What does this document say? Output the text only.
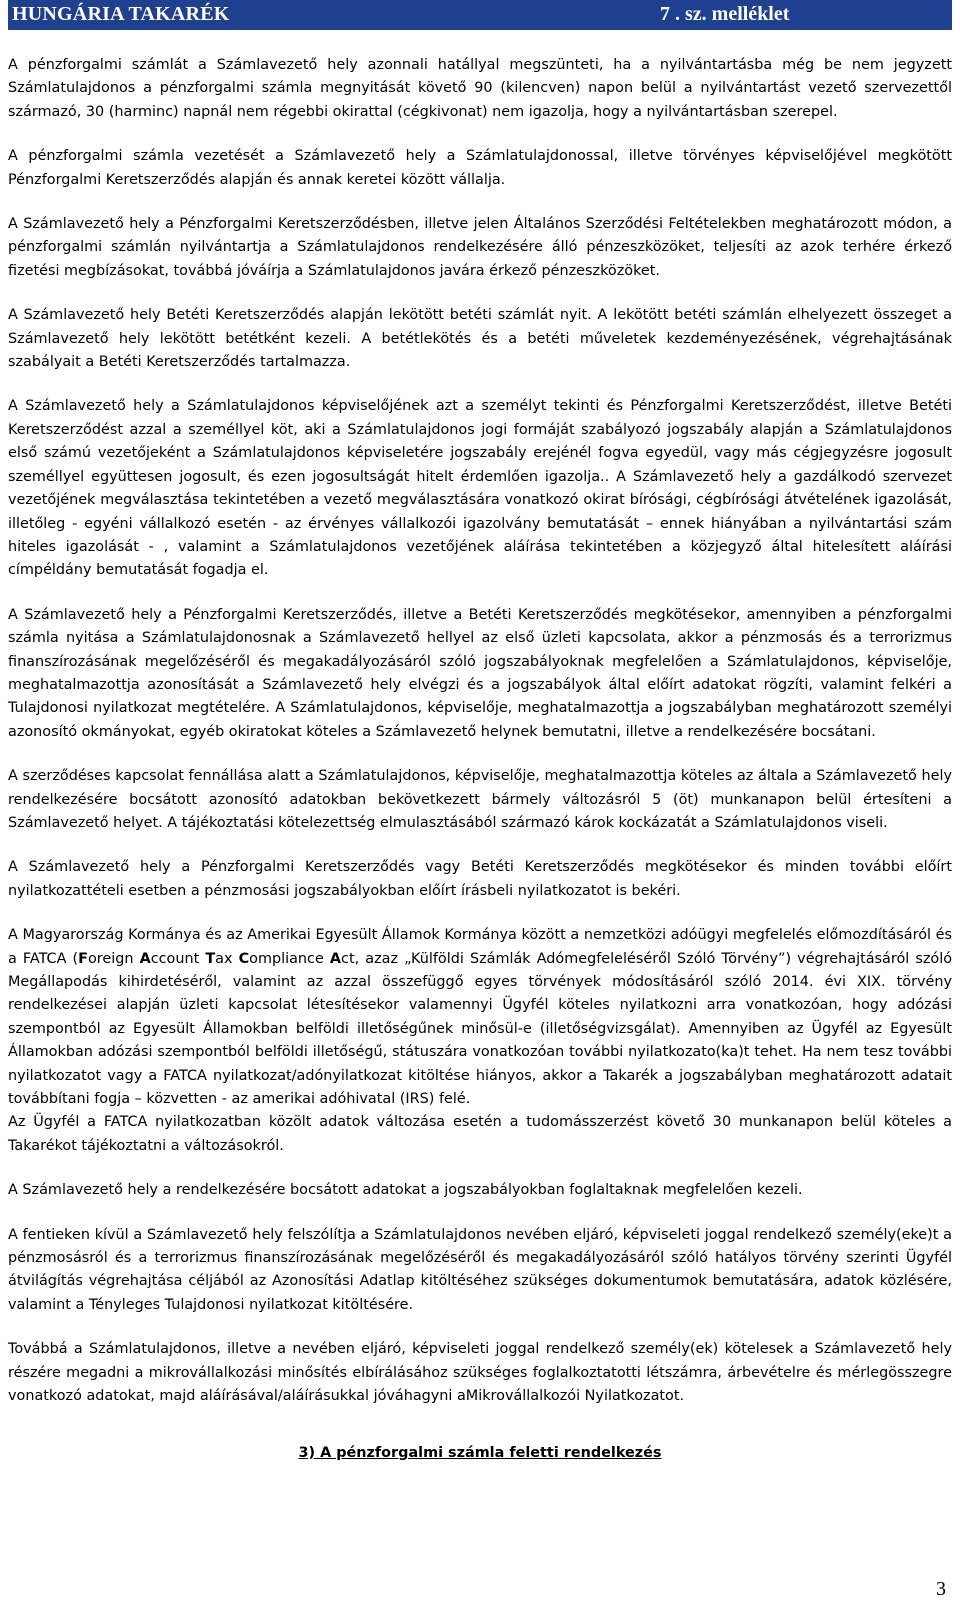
HUNGÁRIA TAKARÉK	7 . sz. melléklet

A pénzforgalmi számlát a Számlavezető hely azonnali hatállyal megszünteti, ha a nyilvántartásba még be nem jegyzett Számlatulajdonos a pénzforgalmi számla megnyitását követő 90 (kilencven) napon belül a nyilvántartást vezető szervezettől származó, 30 (harminc) napnál nem régebbi okirattal (cégkivonat) nem igazolja, hogy a nyilvántartásban szerepel.

A pénzforgalmi számla vezetését a Számlavezető hely a Számlatulajdonossal, illetve törvényes képviselőjével megkötött Pénzforgalmi Keretszerződés alapján és annak keretei között vállalja.

A Számlavezető hely a Pénzforgalmi Keretszerződésben, illetve jelen Általános Szerződési Feltételekben meghatározott módon, a pénzforgalmi számlán nyilvántartja a Számlatulajdonos rendelkezésére álló pénzeszközöket, teljesíti az azok terhére érkező fizetési megbízásokat, továbbá jóváírja a Számlatulajdonos javára érkező pénzeszközöket.

A Számlavezető hely Betéti Keretszerződés alapján lekötött betéti számlát nyit. A lekötött betéti számlán elhelyezett összeget a Számlavezető hely lekötött betétként kezeli. A betétlekötés és a betéti műveletek kezdeményezésének, végrehajtásának szabályait a Betéti Keretszerződés tartalmazza.

A Számlavezető hely a Számlatulajdonos képviselőjének azt a személyt tekinti és Pénzforgalmi Keretszerződést, illetve Betéti Keretszerződést azzal a személlyel köt, aki a Számlatulajdonos jogi formáját szabályozó jogszabály alapján a Számlatulajdonos első számú vezetőjeként a Számlatulajdonos képviseletére jogszabály erejénél fogva egyedül, vagy más cégjegyzésre jogosult személlyel együttesen jogosult, és ezen jogosultságát hitelt érdemlően igazolja.. A Számlavezető hely a gazdálkodó szervezet vezetőjének megválasztása tekintetében a vezető megválasztására vonatkozó okirat bírósági, cégbírósági átvételének igazolását, illetőleg - egyéni vállalkozó esetén - az érvényes vállalkozói igazolvány bemutatását – ennek hiányában a nyilvántartási szám hiteles igazolását - , valamint a Számlatulajdonos vezetőjének aláírása tekintetében a közjegyző által hitelesített aláírási címpéldány bemutatását fogadja el.

A Számlavezető hely a Pénzforgalmi Keretszerződés, illetve a Betéti Keretszerződés megkötésekor, amennyiben a pénzforgalmi számla nyitása a Számlatulajdonosnak a Számlavezető hellyel az első üzleti kapcsolata, akkor a pénzmosás és a terrorizmus finanszírozásának megelőzéséről és megakadályozásáról szóló jogszabályoknak megfelelően a Számlatulajdonos, képviselője, meghatalmazottja azonosítását a Számlavezető hely elvégzi és a jogszabályok által előírt adatokat rögzíti, valamint felkéri a Tulajdonosi nyilatkozat megtételére. A Számlatulajdonos, képviselője, meghatalmazottja a jogszabályban meghatározott személyi azonosító okmányokat, egyéb okiratokat köteles a Számlavezető helynek bemutatni, illetve a rendelkezésére bocsátani.

A szerződéses kapcsolat fennállása alatt a Számlatulajdonos, képviselője, meghatalmazottja köteles az általa a Számlavezető hely rendelkezésére bocsátott azonosító adatokban bekövetkezett bármely változásról 5 (öt) munkanapon belül értesíteni a Számlavezető helyet. A tájékoztatási kötelezettség elmulasztásából származó károk kockázatát a Számlatulajdonos viseli.

A Számlavezető hely a Pénzforgalmi Keretszerződés vagy Betéti Keretszerződés megkötésekor és minden további előírt nyilatkozattételi esetben a pénzmosási jogszabályokban előírt írásbeli nyilatkozatot is bekéri.

A Magyarország Kormánya és az Amerikai Egyesült Államok Kormánya között a nemzetközi adóügyi megfelelés előmozdításáról és a FATCA (Foreign Account Tax Compliance Act, azaz „Külföldi Számlák Adómegfeleléséről Szóló Törvény”) végrehajtásáról szóló Megállapodás kihirdetéséről, valamint az azzal összefüggő egyes törvények módosításáról szóló 2014. évi XIX. törvény rendelkezései alapján üzleti kapcsolat létesítésekor valamennyi Ügyfél köteles nyilatkozni arra vonatkozóan, hogy adózási szempontból az Egyesült Államokban belföldi illetőségűnek minősül-e (illetőségvizsgálat). Amennyiben az Ügyfél az Egyesült Államokban adózási szempontból belföldi illetőségű, státuszára vonatkozóan további nyilatkozato(ka)t tehet. Ha nem tesz további nyilatkozatot vagy a FATCA nyilatkozat/adónyilatkozat kitöltése hiányos, akkor a Takarék a jogszabályban meghatározott adatait továbbítani fogja – közvetten - az amerikai adóhivatal (IRS) felé.

Az Ügyfél a FATCA nyilatkozatban közölt adatok változása esetén a tudomásszerzést követő 30 munkanapon belül köteles a Takarékot tájékoztatni a változásokról.

A Számlavezető hely a rendelkezésére bocsátott adatokat a jogszabályokban foglaltaknak megfelelően kezeli.

A fentieken kívül a Számlavezető hely felszólítja a Számlatulajdonos nevében eljáró, képviseleti joggal rendelkező személy(eke)t a pénzmosásról és a terrorizmus finanszírozásának megelőzéséről és megakadályozásáról szóló hatályos törvény szerinti Ügyfél átvilágítás végrehajtása céljából az Azonosítási Adatlap kitöltéséhez szükséges dokumentumok bemutatására, adatok közlésére, valamint a Tényleges Tulajdonosi nyilatkozat kitöltésére.

Továbbá a Számlatulajdonos, illetve a nevében eljáró, képviseleti joggal rendelkező személy(ek) kötelesek a Számlavezető hely részére megadni a mikrovállalkozási minősítés elbírálásához szükséges foglalkoztatotti létszámra, árbevételre és mérlegösszegre vonatkozó adatokat, majd aláírásával/aláírásukkal jóváhagyni aMikrovállalkozói Nyilatkozatot.

3) A pénzforgalmi számla feletti rendelkezés
3
